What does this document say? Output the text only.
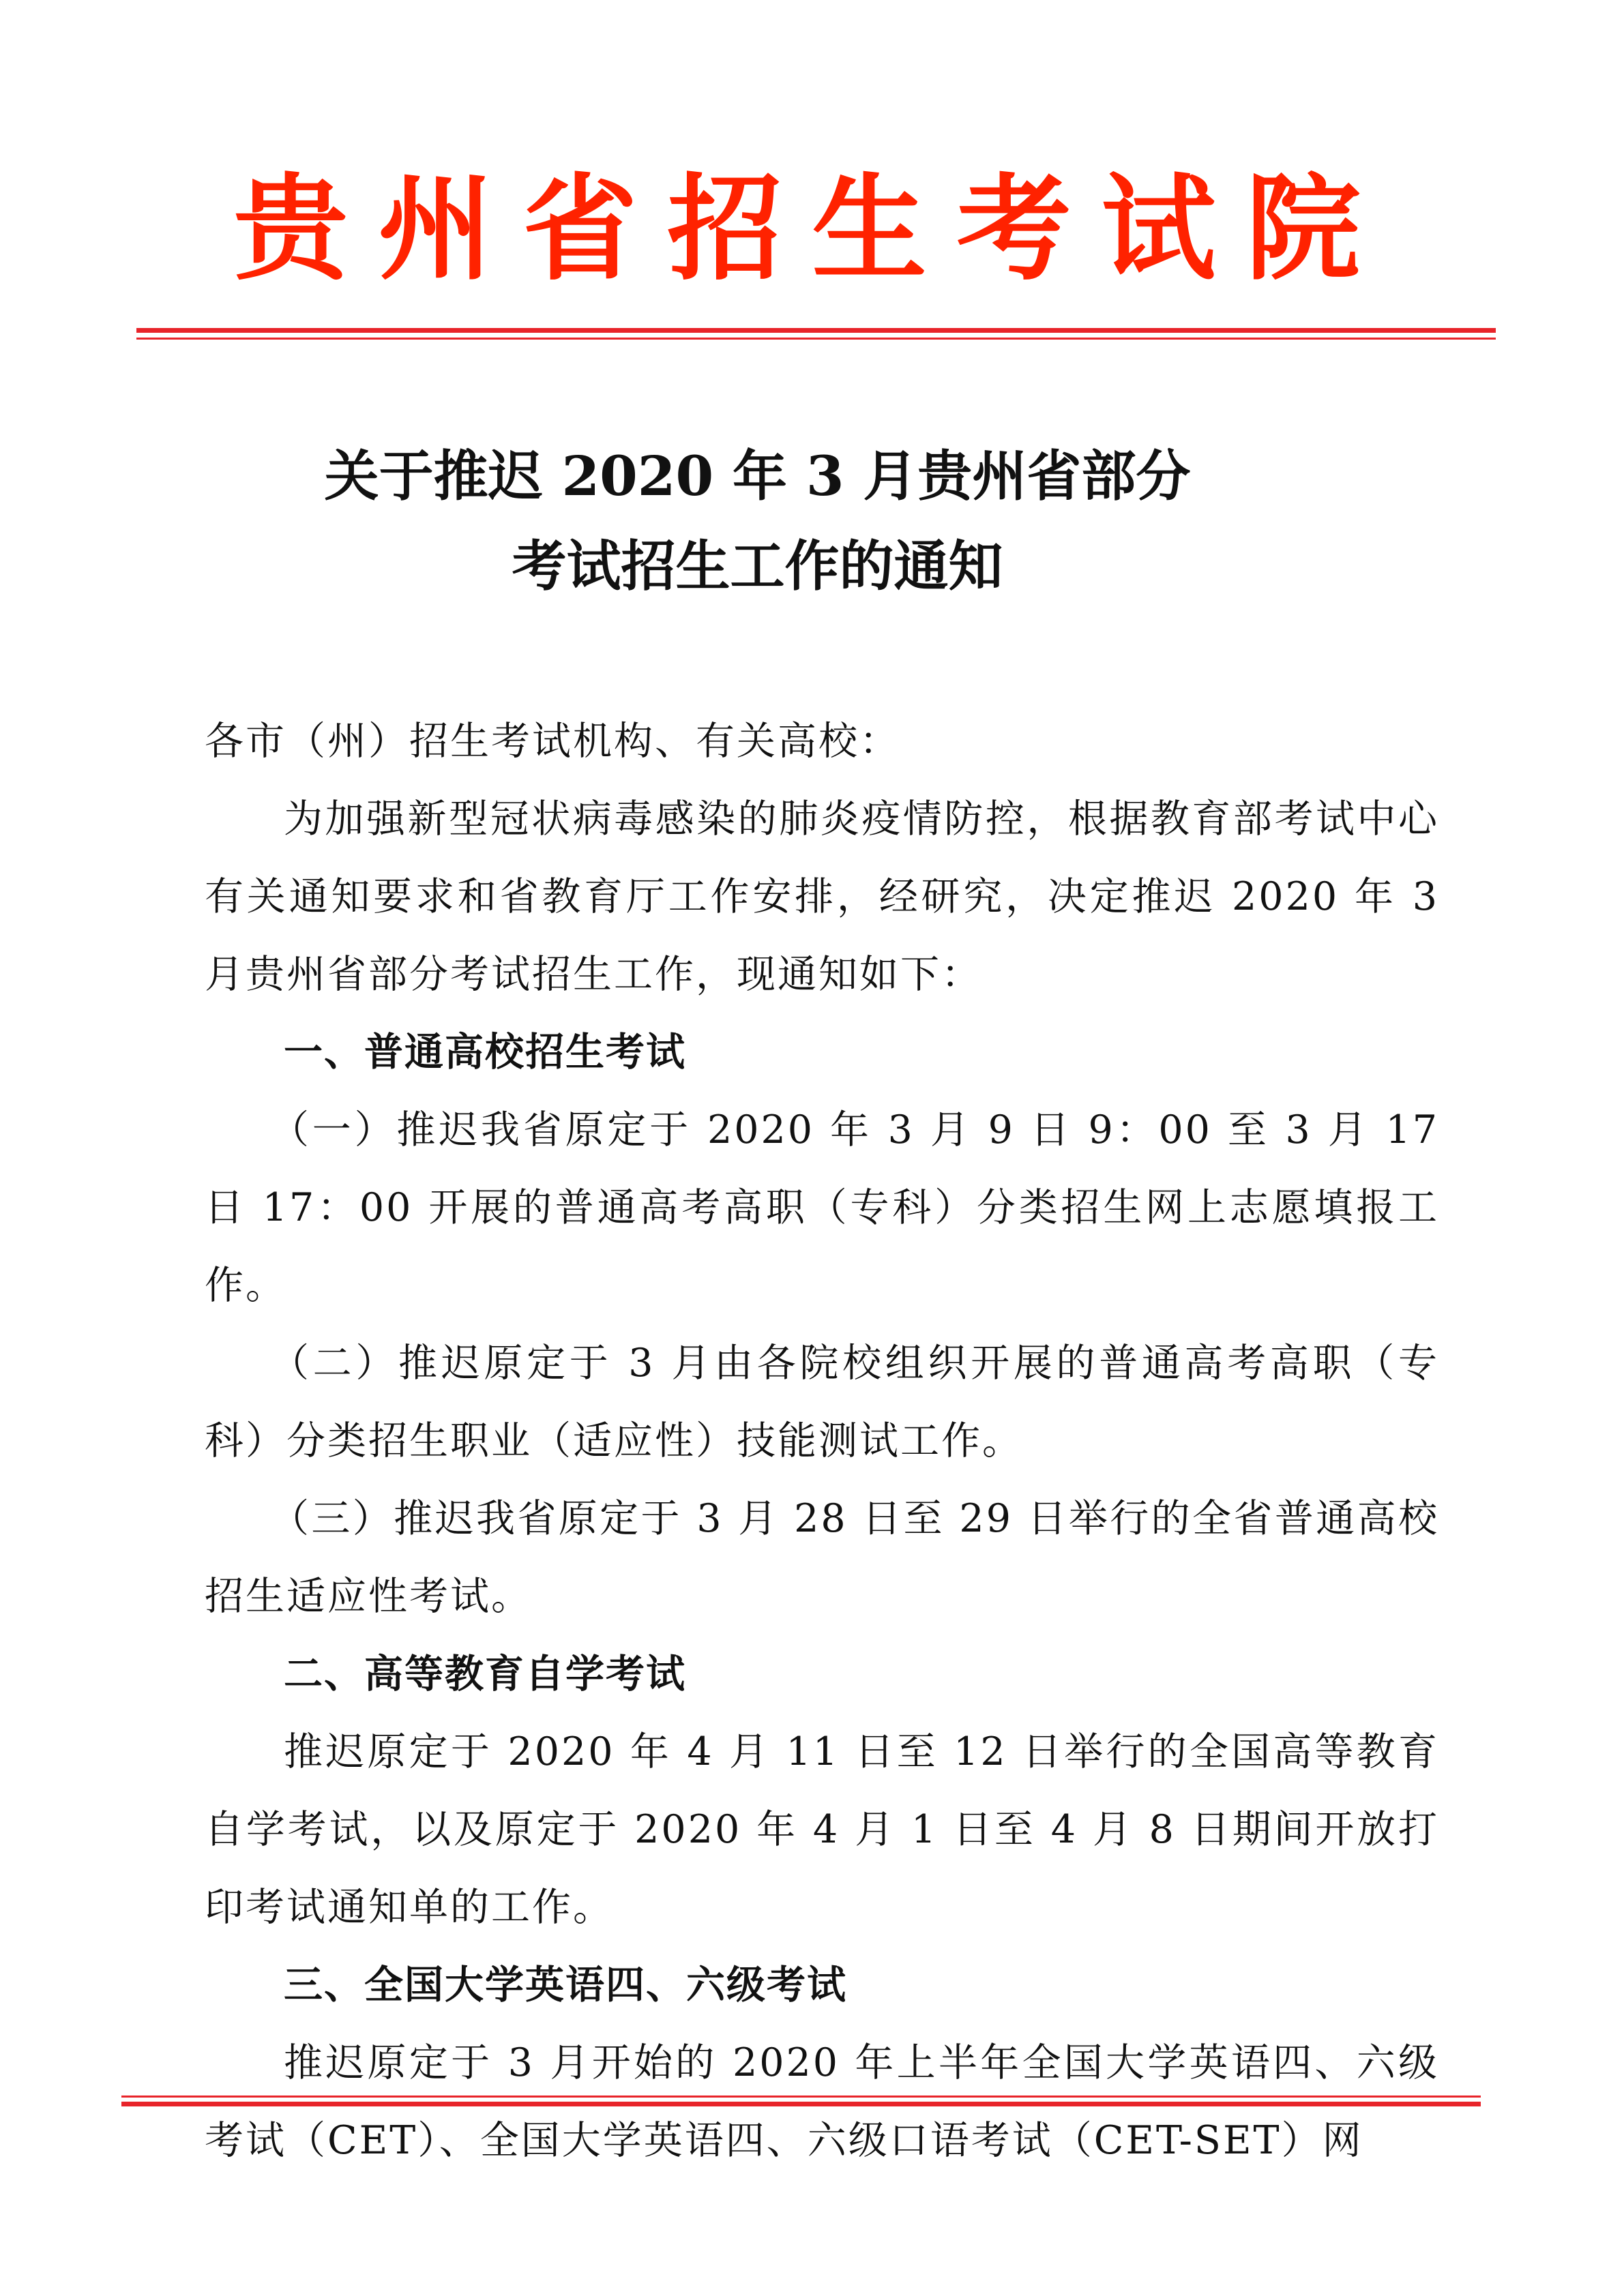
贵州省招生考试院
关于推迟 2020 年 3 月贵州省部分
考试招生工作的通知

各市（州）招生考试机构、有关高校：

为加强新型冠状病毒感染的肺炎疫情防控，根据教育部考试中心有关通知要求和省教育厅工作安排，经研究，决定推迟 2020 年 3 月贵州省部分考试招生工作，现通知如下：

一、普通高校招生考试

（一）推迟我省原定于 2020 年 3 月 9 日 9：00 至 3 月 17 日 17：00 开展的普通高考高职（专科）分类招生网上志愿填报工作。

（二）推迟原定于 3 月由各院校组织开展的普通高考高职（专科）分类招生职业（适应性）技能测试工作。

（三）推迟我省原定于 3 月 28 日至 29 日举行的全省普通高校招生适应性考试。

二、高等教育自学考试

推迟原定于 2020 年 4 月 11 日至 12 日举行的全国高等教育自学考试，以及原定于 2020 年 4 月 1 日至 4 月 8 日期间开放打印考试通知单的工作。

三、全国大学英语四、六级考试

推迟原定于 3 月开始的 2020 年上半年全国大学英语四、六级考试（CET）、全国大学英语四、六级口语考试（CET-SET）网
